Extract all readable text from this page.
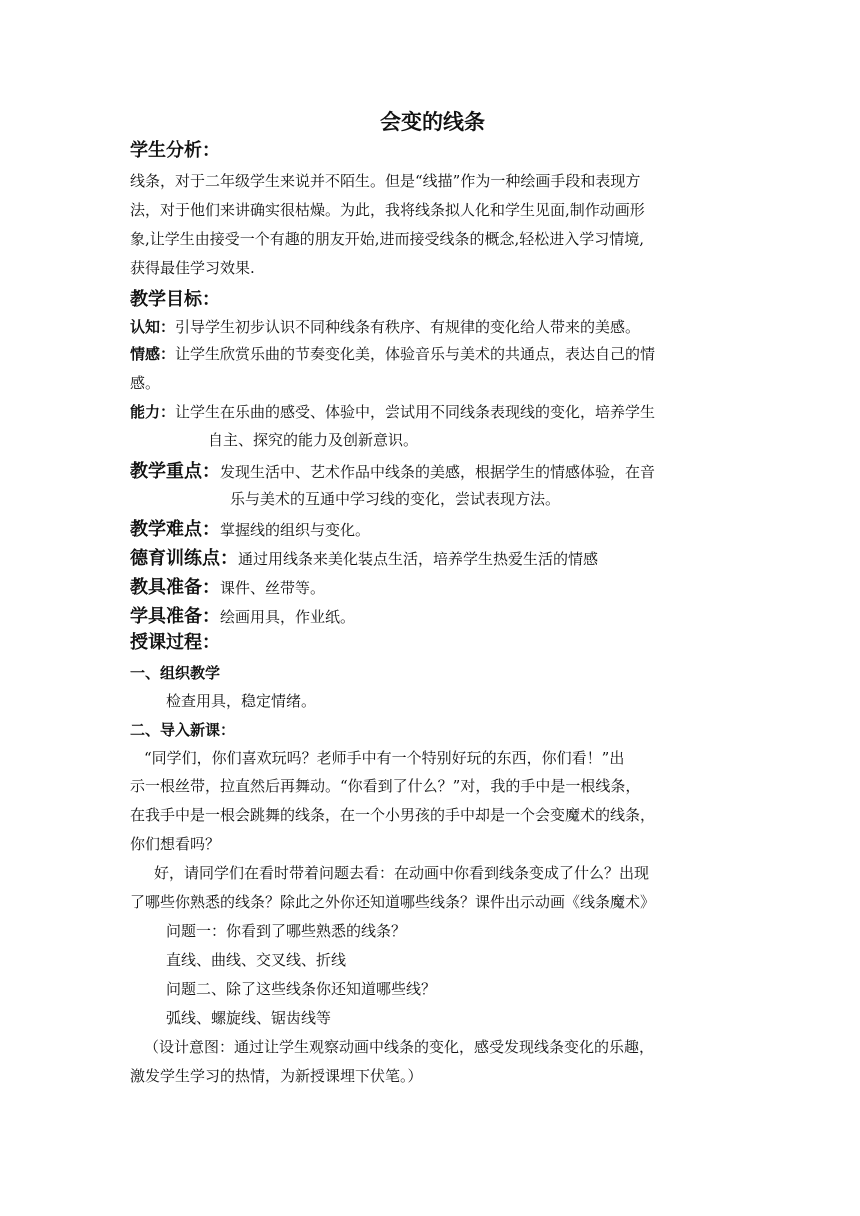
会变的线条
学生分析：
线条，对于二年级学生来说并不陌生。但是“线描”作为一种绘画手段和表现方
法，对于他们来讲确实很枯燥。为此，我将线条拟人化和学生见面,制作动画形
象,让学生由接受一个有趣的朋友开始,进而接受线条的概念,轻松进入学习情境,
获得最佳学习效果.
教学目标：
认知：引导学生初步认识不同种线条有秩序、有规律的变化给人带来的美感。
情感：让学生欣赏乐曲的节奏变化美，体验音乐与美术的共通点，表达自己的情
感。
能力：让学生在乐曲的感受、体验中，尝试用不同线条表现线的变化，培养学生
自主、探究的能力及创新意识。
教学重点：发现生活中、艺术作品中线条的美感，根据学生的情感体验，在音
乐与美术的互通中学习线的变化，尝试表现方法。
教学难点：掌握线的组织与变化。
德育训练点：通过用线条来美化装点生活，培养学生热爱生活的情感
教具准备：课件、丝带等。
学具准备：绘画用具，作业纸。
授课过程：
一、组织教学
检查用具，稳定情绪。
二、导入新课：
“同学们，你们喜欢玩吗？老师手中有一个特别好玩的东西，你们看！”出
示一根丝带，拉直然后再舞动。“你看到了什么？”对，我的手中是一根线条，
在我手中是一根会跳舞的线条，在一个小男孩的手中却是一个会变魔术的线条，
你们想看吗？
好，请同学们在看时带着问题去看：在动画中你看到线条变成了什么？出现
了哪些你熟悉的线条？除此之外你还知道哪些线条？课件出示动画《线条魔术》
问题一：你看到了哪些熟悉的线条？
直线、曲线、交叉线、折线
问题二、除了这些线条你还知道哪些线？
弧线、螺旋线、锯齿线等
（设计意图：通过让学生观察动画中线条的变化，感受发现线条变化的乐趣，
激发学生学习的热情，为新授课埋下伏笔。）
